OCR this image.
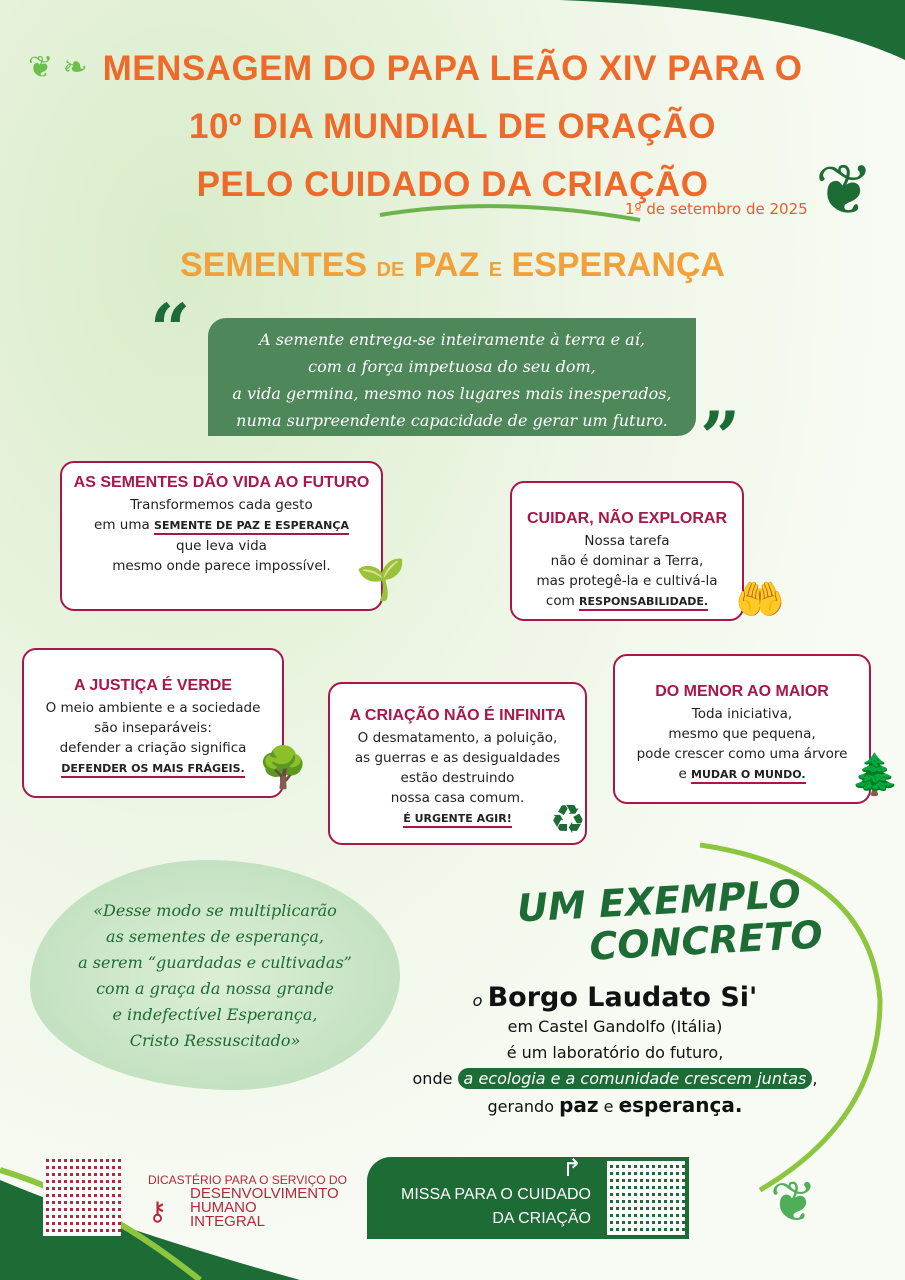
❦ ❧
❦
MENSAGEM DO PAPA LEÃO XIV PARA O
10º DIA MUNDIAL DE ORAÇÃO
PELO CUIDADO DA CRIAÇÃO
1º de setembro de 2025
SEMENTES DE PAZ E ESPERANÇA
“	A semente entrega-se inteiramente à terra e aí,
com a força impetuosa do seu dom,
a vida germina, mesmo nos lugares mais inesperados,
numa surpreendente capacidade de gerar um futuro. ”
AS SEMENTES DÃO VIDA AO FUTURO
Transformemos cada gesto
em uma SEMENTE DE PAZ E ESPERANÇA
que leva vida
mesmo onde parece impossível. 🌱
CUIDAR, NÃO EXPLORAR
Nossa tarefa
não é dominar a Terra,
mas protegê-la e cultivá-la
com RESPONSABILIDADE. 🤲
A JUSTIÇA É VERDE
O meio ambiente e a sociedade
são inseparáveis:
defender a criação significa
DEFENDER OS MAIS FRÁGEIS. 🌳
A CRIAÇÃO NÃO É INFINITA
O desmatamento, a poluição,
as guerras e as desigualdades
estão destruindo
nossa casa comum.
É URGENTE AGIR! ♻
DO MENOR AO MAIOR
Toda iniciativa,
mesmo que pequena,
pode crescer como uma árvore
e MUDAR O MUNDO.	🌲
«Desse modo se multiplicarão
as sementes de esperança,
a serem “guardadas e cultivadas”
com a graça da nossa grande
e indefectível Esperança,
Cristo Ressuscitado»
UM EXEMPLO
CONCRETO
o Borgo Laudato Si'
em Castel Gandolfo (Itália)
é um laboratório do futuro,
onde a ecologia e a comunidade crescem juntas ,
gerando paz e esperança.
DICASTÉRIO PARA O SERVIÇO DO
⚷
DESENVOLVIMENTO
HUMANO
INTEGRAL
↱
MISSA PARA O CUIDADO
DA CRIAÇÃO	❦
